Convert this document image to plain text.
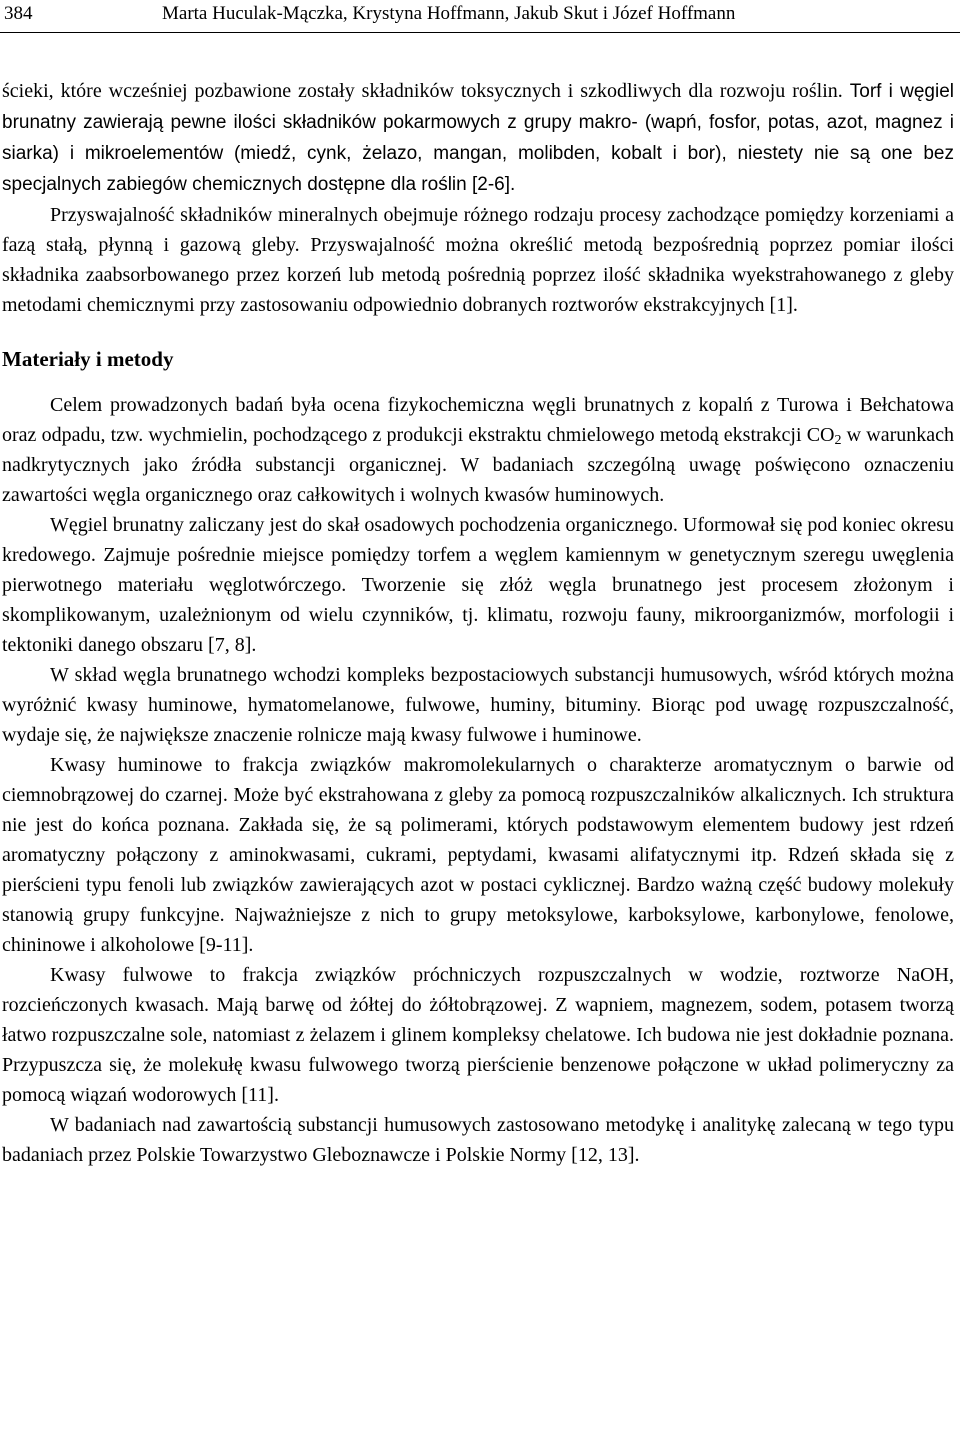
384	Marta Huculak-Mączka, Krystyna Hoffmann, Jakub Skut i Józef Hoffmann

ścieki, które wcześniej pozbawione zostały składników toksycznych i szkodliwych dla rozwoju roślin. Torf i węgiel brunatny zawierają pewne ilości składników pokarmowych z grupy makro- (wapń, fosfor, potas, azot, magnez i siarka) i mikroelementów (miedź, cynk, żelazo, mangan, molibden, kobalt i bor), niestety nie są one bez specjalnych zabiegów chemicznych dostępne dla roślin [2-6].

Przyswajalność składników mineralnych obejmuje różnego rodzaju procesy zachodzące pomiędzy korzeniami a fazą stałą, płynną i gazową gleby. Przyswajalność można określić metodą bezpośrednią poprzez pomiar ilości składnika zaabsorbowanego przez korzeń lub metodą pośrednią poprzez ilość składnika wyekstrahowanego z gleby metodami chemicznymi przy zastosowaniu odpowiednio dobranych roztworów ekstrakcyjnych [1].

Materiały i metody

Celem prowadzonych badań była ocena fizykochemiczna węgli brunatnych z kopalń z Turowa i Bełchatowa oraz odpadu, tzw. wychmielin, pochodzącego z produkcji ekstraktu chmielowego metodą ekstrakcji $CO_2$ w warunkach nadkrytycznych jako źródła substancji organicznej. W badaniach szczególną uwagę poświęcono oznaczeniu zawartości węgla organicznego oraz całkowitych i wolnych kwasów huminowych.

Węgiel brunatny zaliczany jest do skał osadowych pochodzenia organicznego. Uformował się pod koniec okresu kredowego. Zajmuje pośrednie miejsce pomiędzy torfem a węglem kamiennym w genetycznym szeregu uwęglenia pierwotnego materiału węglotwórczego. Tworzenie się złóż węgla brunatnego jest procesem złożonym i skomplikowanym, uzależnionym od wielu czynników, tj. klimatu, rozwoju fauny, mikroorganizmów, morfologii i tektoniki danego obszaru [7, 8].

W skład węgla brunatnego wchodzi kompleks bezpostaciowych substancji humusowych, wśród których można wyróżnić kwasy huminowe, hymatomelanowe, fulwowe, huminy, bituminy. Biorąc pod uwagę rozpuszczalność, wydaje się, że największe znaczenie rolnicze mają kwasy fulwowe i huminowe.

Kwasy huminowe to frakcja związków makromolekularnych o charakterze aromatycznym o barwie od ciemnobrązowej do czarnej. Może być ekstrahowana z gleby za pomocą rozpuszczalników alkalicznych. Ich struktura nie jest do końca poznana. Zakłada się, że są polimerami, których podstawowym elementem budowy jest rdzeń aromatyczny połączony z aminokwasami, cukrami, peptydami, kwasami alifatycznymi itp. Rdzeń składa się z pierścieni typu fenoli lub związków zawierających azot w postaci cyklicznej. Bardzo ważną część budowy molekuły stanowią grupy funkcyjne. Najważniejsze z nich to grupy metoksylowe, karboksylowe, karbonylowe, fenolowe, chininowe i alkoholowe [9-11].

Kwasy fulwowe to frakcja związków próchniczych rozpuszczalnych w wodzie, roztworze NaOH, rozcieńczonych kwasach. Mają barwę od żółtej do żółtobrązowej. Z wapniem, magnezem, sodem, potasem tworzą łatwo rozpuszczalne sole, natomiast z żelazem i glinem kompleksy chelatowe. Ich budowa nie jest dokładnie poznana. Przypuszcza się, że molekułę kwasu fulwowego tworzą pierścienie benzenowe połączone w układ polimeryczny za pomocą wiązań wodorowych [11].

W badaniach nad zawartością substancji humusowych zastosowano metodykę i analitykę zalecaną w tego typu badaniach przez Polskie Towarzystwo Gleboznawcze i Polskie Normy [12, 13].
